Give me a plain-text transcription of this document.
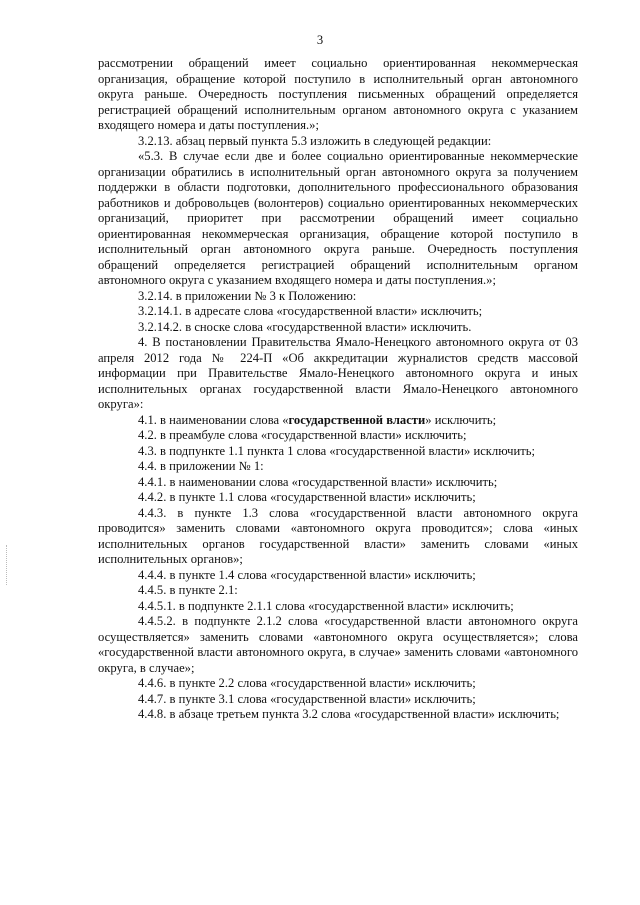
3

рассмотрении обращений имеет социально ориентированная некоммерческая организация, обращение которой поступило в исполнительный орган автономного округа раньше. Очередность поступления письменных обращений определяется регистрацией обращений исполнительным органом автономного округа с указанием входящего номера и даты поступления.»;

3.2.13. абзац первый пункта 5.3 изложить в следующей редакции:

«5.3. В случае если две и более социально ориентированные некоммерческие организации обратились в исполнительный орган автономного округа за получением поддержки в области подготовки, дополнительного профессионального образования работников и добровольцев (волонтеров) социально ориентированных некоммерческих организаций, приоритет при рассмотрении обращений имеет социально ориентированная некоммерческая организация, обращение которой поступило в исполнительный орган автономного округа раньше. Очередность поступления обращений определяется регистрацией обращений исполнительным органом автономного округа с указанием входящего номера и даты поступления.»;

3.2.14. в приложении № 3 к Положению:

3.2.14.1. в адресате слова «государственной власти» исключить;

3.2.14.2. в сноске слова «государственной власти» исключить.

4. В постановлении Правительства Ямало-Ненецкого автономного округа от 03 апреля 2012 года № 224-П «Об аккредитации журналистов средств массовой информации при Правительстве Ямало-Ненецкого автономного округа и иных исполнительных органах государственной власти Ямало-Ненецкого автономного округа»:

4.1. в наименовании слова «государственной власти» исключить;

4.2. в преамбуле слова «государственной власти» исключить;

4.3. в подпункте 1.1 пункта 1 слова «государственной власти» исключить;

4.4. в приложении № 1:

4.4.1. в наименовании слова «государственной власти» исключить;

4.4.2. в пункте 1.1 слова «государственной власти» исключить;

4.4.3. в пункте 1.3 слова «государственной власти автономного округа проводится» заменить словами «автономного округа проводится»; слова «иных исполнительных органов государственной власти» заменить словами «иных исполнительных органов»;

4.4.4. в пункте 1.4 слова «государственной власти» исключить;

4.4.5. в пункте 2.1:

4.4.5.1. в подпункте 2.1.1 слова «государственной власти» исключить;

4.4.5.2. в подпункте 2.1.2 слова «государственной власти автономного округа осуществляется» заменить словами «автономного округа осуществляется»; слова «государственной власти автономного округа, в случае» заменить словами «автономного округа, в случае»;

4.4.6. в пункте 2.2 слова «государственной власти» исключить;

4.4.7. в пункте 3.1 слова «государственной власти» исключить;

4.4.8. в абзаце третьем пункта 3.2 слова «государственной власти» исключить;
